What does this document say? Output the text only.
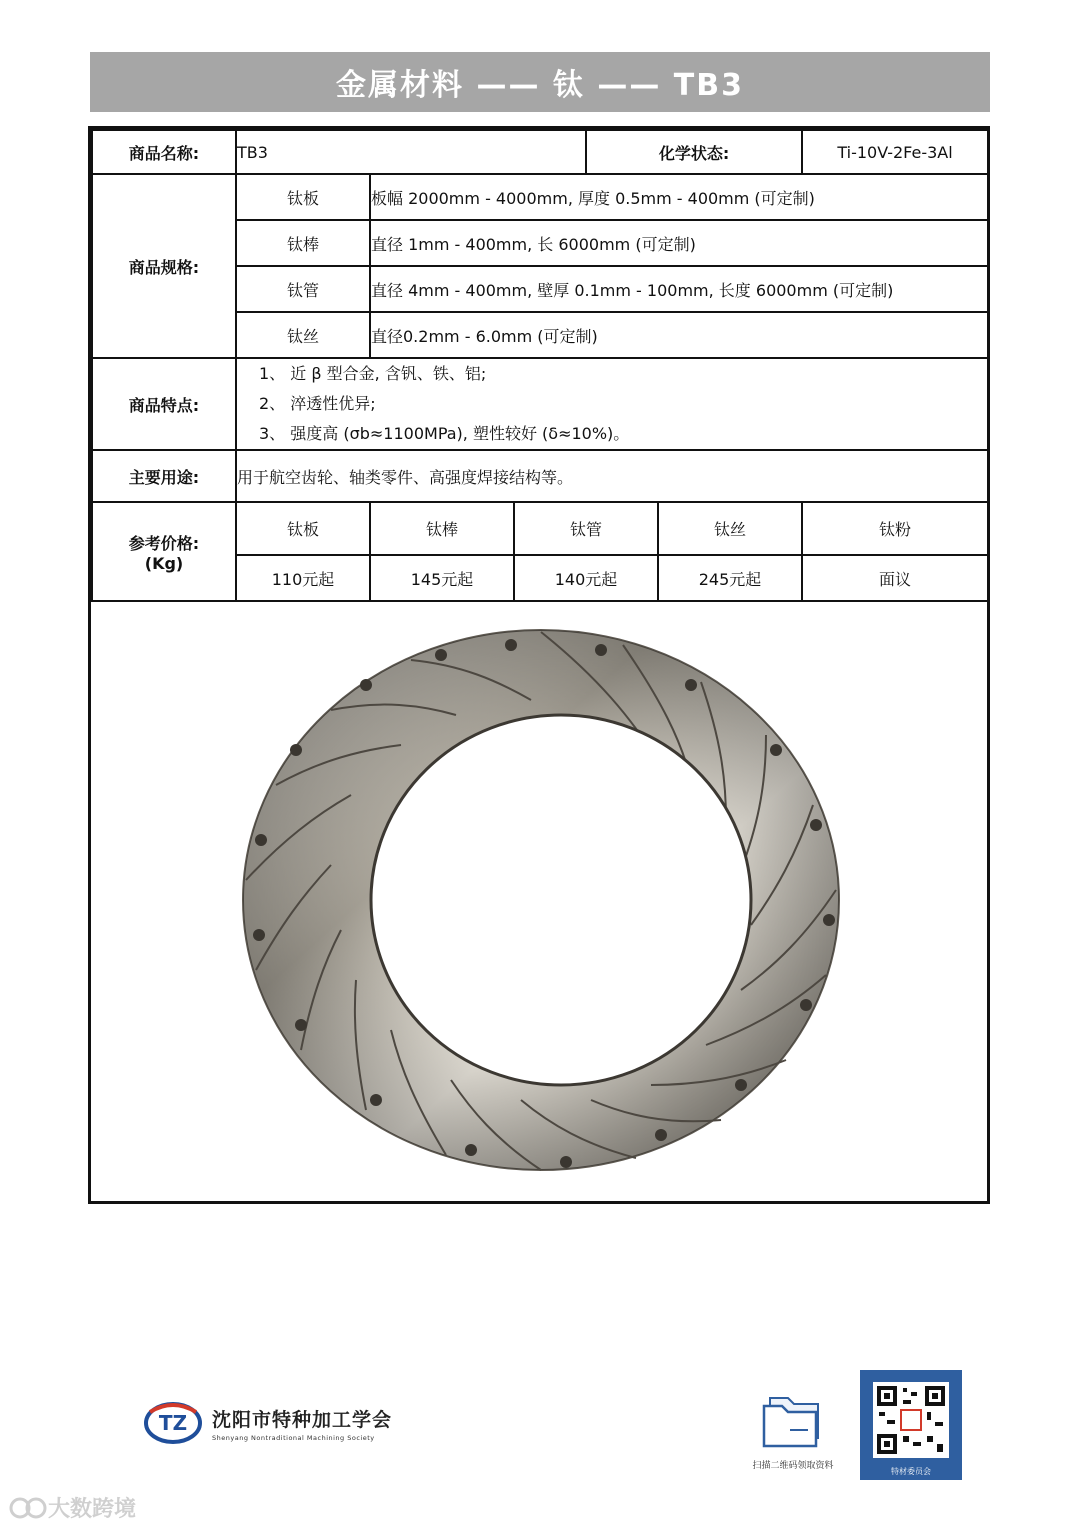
金属材料 —— 钛 —— TB3
商品名称:	TB3			化学状态:		Ti-10V-2Fe-3Al
商品规格:	钛板	板幅 2000mm - 4000mm, 厚度 0.5mm - 400mm (可定制)				
	钛棒	直径 1mm - 400mm, 长 6000mm (可定制)				
	钛管	直径 4mm - 400mm, 壁厚 0.1mm - 100mm, 长度 6000mm (可定制)				
	钛丝	直径0.2mm - 6.0mm (可定制)				
商品特点:	1、 近 β 型合金, 含钒、铁、铝;
2、 淬透性优异;
3、 强度高 (σb≈1100MPa), 塑性较好 (δ≈10%)。					

主要用途:	用于航空齿轮、轴类零件、高强度焊接结构等。					

参考价格:
(Kg)	钛板	钛棒	钛管		钛丝	钛粉
	110元起	145元起	140元起		245元起	面议
TZ 沈阳市特种加工学会
Shenyang Nontraditional Machining Society
扫描二维码领取资料
特材委员会
大数跨境
